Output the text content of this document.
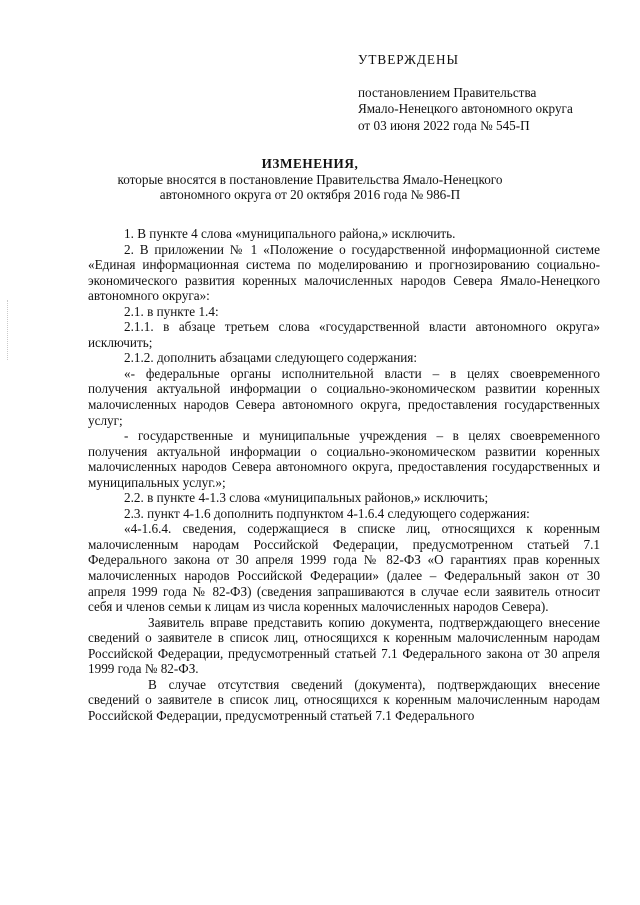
УТВЕРЖДЕНЫ
постановлением Правительства
Ямало-Ненецкого автономного округа
от 03 июня 2022 года № 545-П
ИЗМЕНЕНИЯ,
которые вносятся в постановление Правительства Ямало-Ненецкого
автономного округа от 20 октября 2016 года № 986-П

1. В пункте 4 слова «муниципального района,» исключить.

2. В приложении № 1 «Положение о государственной информационной системе «Единая информационная система по моделированию и прогнозированию социально-экономического развития коренных малочисленных народов Севера Ямало-Ненецкого автономного округа»:

2.1. в пункте 1.4:

2.1.1. в абзаце третьем слова «государственной власти автономного округа» исключить;

2.1.2. дополнить абзацами следующего содержания:

«- федеральные органы исполнительной власти – в целях своевременного получения актуальной информации о социально-экономическом развитии коренных малочисленных народов Севера автономного округа, предоставления государственных услуг;

- государственные и муниципальные учреждения – в целях своевременного получения актуальной информации о социально-экономическом развитии коренных малочисленных народов Севера автономного округа, предоставления государственных и муниципальных услуг.»;

2.2. в пункте 4-1.3 слова «муниципальных районов,» исключить;

2.3. пункт 4-1.6 дополнить подпунктом 4-1.6.4 следующего содержания:

«4-1.6.4. сведения, содержащиеся в списке лиц, относящихся к коренным малочисленным народам Российской Федерации, предусмотренном статьей 7.1 Федерального закона от 30 апреля 1999 года № 82-ФЗ «О гарантиях прав коренных малочисленных народов Российской Федерации» (далее – Федеральный закон от 30 апреля 1999 года № 82-ФЗ) (сведения запрашиваются в случае если заявитель относит себя и членов семьи к лицам из числа коренных малочисленных народов Севера).

Заявитель вправе представить копию документа, подтверждающего внесение сведений о заявителе в список лиц, относящихся к коренным малочисленным народам Российской Федерации, предусмотренный статьей 7.1 Федерального закона от 30 апреля 1999 года № 82-ФЗ.

В случае отсутствия сведений (документа), подтверждающих внесение сведений о заявителе в список лиц, относящихся к коренным малочисленным народам Российской Федерации, предусмотренный статьей 7.1 Федерального
